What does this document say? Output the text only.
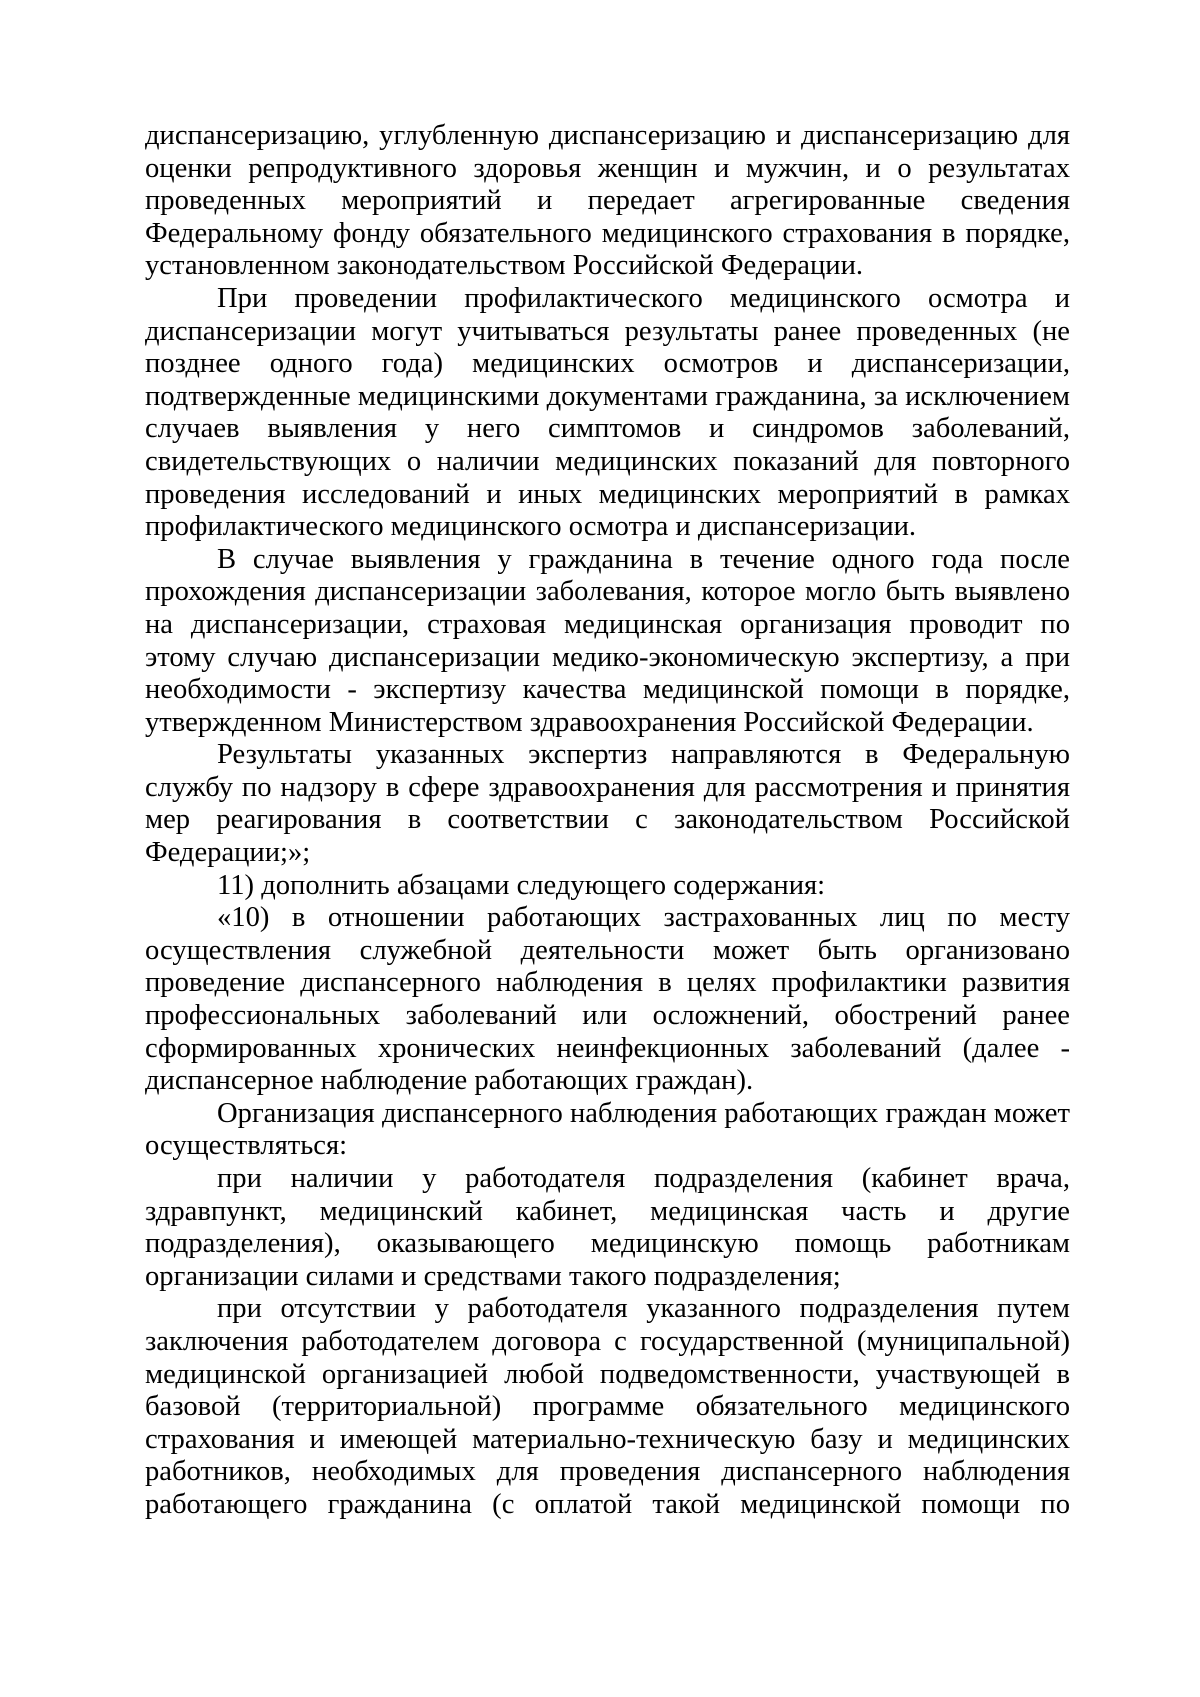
диспансеризацию, углубленную диспансеризацию и диспансеризацию для оценки репродуктивного здоровья женщин и мужчин, и о результатах проведенных мероприятий и передает агрегированные сведения Федеральному фонду обязательного медицинского страхования в порядке, установленном законодательством Российской Федерации.

При проведении профилактического медицинского осмотра и диспансеризации могут учитываться результаты ранее проведенных (не позднее одного года) медицинских осмотров и диспансеризации, подтвержденные медицинскими документами гражданина, за исключением случаев выявления у него симптомов и синдромов заболеваний, свидетельствующих о наличии медицинских показаний для повторного проведения исследований и иных медицинских мероприятий в рамках профилактического медицинского осмотра и диспансеризации.

В случае выявления у гражданина в течение одного года после прохождения диспансеризации заболевания, которое могло быть выявлено на диспансеризации, страховая медицинская организация проводит по этому случаю диспансеризации медико-экономическую экспертизу, а при необходимости - экспертизу качества медицинской помощи в порядке, утвержденном Министерством здравоохранения Российской Федерации.

Результаты указанных экспертиз направляются в Федеральную службу по надзору в сфере здравоохранения для рассмотрения и принятия мер реагирования в соответствии с законодательством Российской Федерации;»;

11) дополнить абзацами следующего содержания:

«10) в отношении работающих застрахованных лиц по месту осуществления служебной деятельности может быть организовано проведение диспансерного наблюдения в целях профилактики развития профессиональных заболеваний или осложнений, обострений ранее сформированных хронических неинфекционных заболеваний (далее - диспансерное наблюдение работающих граждан).

Организация диспансерного наблюдения работающих граждан может осуществляться:

при наличии у работодателя подразделения (кабинет врача, здравпункт, медицинский кабинет, медицинская часть и другие подразделения), оказывающего медицинскую помощь работникам организации силами и средствами такого подразделения;

при отсутствии у работодателя указанного подразделения путем заключения работодателем договора с государственной (муниципальной) медицинской организацией любой подведомственности, участвующей в базовой (территориальной) программе обязательного медицинского страхования и имеющей материально-техническую базу и медицинских работников, необходимых для проведения диспансерного наблюдения работающего гражданина (с оплатой такой медицинской помощи по
